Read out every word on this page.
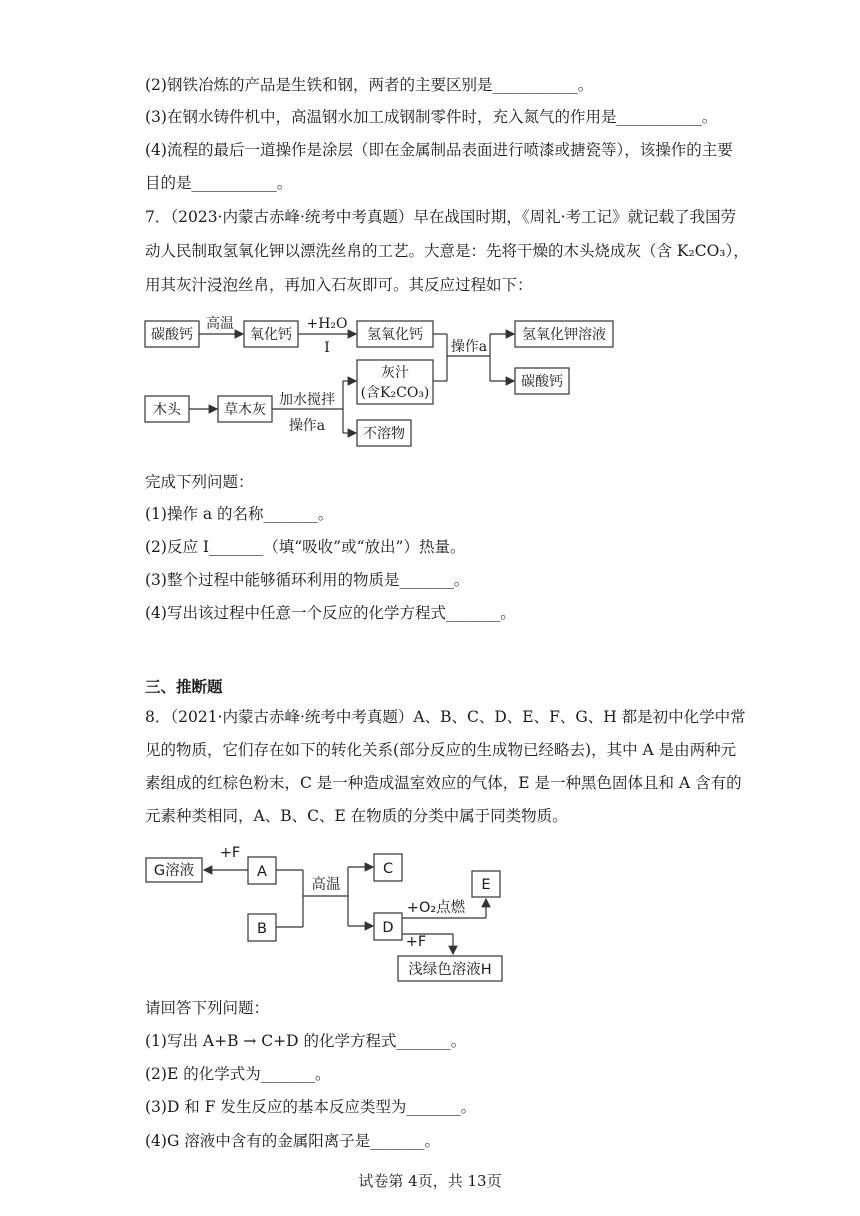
(2)钢铁冶炼的产品是生铁和钢，两者的主要区别是___________。
(3)在钢水铸件机中，高温钢水加工成钢制零件时，充入氮气的作用是___________。
(4)流程的最后一道操作是涂层（即在金属制品表面进行喷漆或搪瓷等），该操作的主要
目的是___________。
7．（2023·内蒙古赤峰·统考中考真题）早在战国时期，《周礼·考工记》就记载了我国劳
动人民制取氢氧化钾以漂洗丝帛的工艺。大意是：先将干燥的木头烧成灰（含 K₂CO₃），
用其灰汁浸泡丝帛，再加入石灰即可。其反应过程如下：
碳酸钙
高温
氧化钙
+H₂O
I
氢氧化钙
操作a
氢氧化钾溶液
碳酸钙
木头	草木灰
加水搅拌
操作a
灰汁
(含K₂CO₃)
不溶物
完成下列问题：
(1)操作 a 的名称_______。
(2)反应 I_______（填“吸收”或“放出”）热量。
(3)整个过程中能够循环利用的物质是_______。
(4)写出该过程中任意一个反应的化学方程式_______。
三、推断题
8．（2021·内蒙古赤峰·统考中考真题）A、B、C、D、E、F、G、H 都是初中化学中常
见的物质，它们存在如下的转化关系(部分反应的生成物已经略去)，其中 A 是由两种元
素组成的红棕色粉末，C 是一种造成温室效应的气体，E 是一种黑色固体且和 A 含有的
元素种类相同，A、B、C、E 在物质的分类中属于同类物质。
G溶液
+F
A
B
高温
C
D
+O₂点燃
E
+F
浅绿色溶液H
请回答下列问题：
(1)写出 A+B → C+D 的化学方程式_______。
(2)E 的化学式为_______。
(3)D 和 F 发生反应的基本反应类型为_______。
(4)G 溶液中含有的金属阳离子是_______。
试卷第 4页，共 13页
